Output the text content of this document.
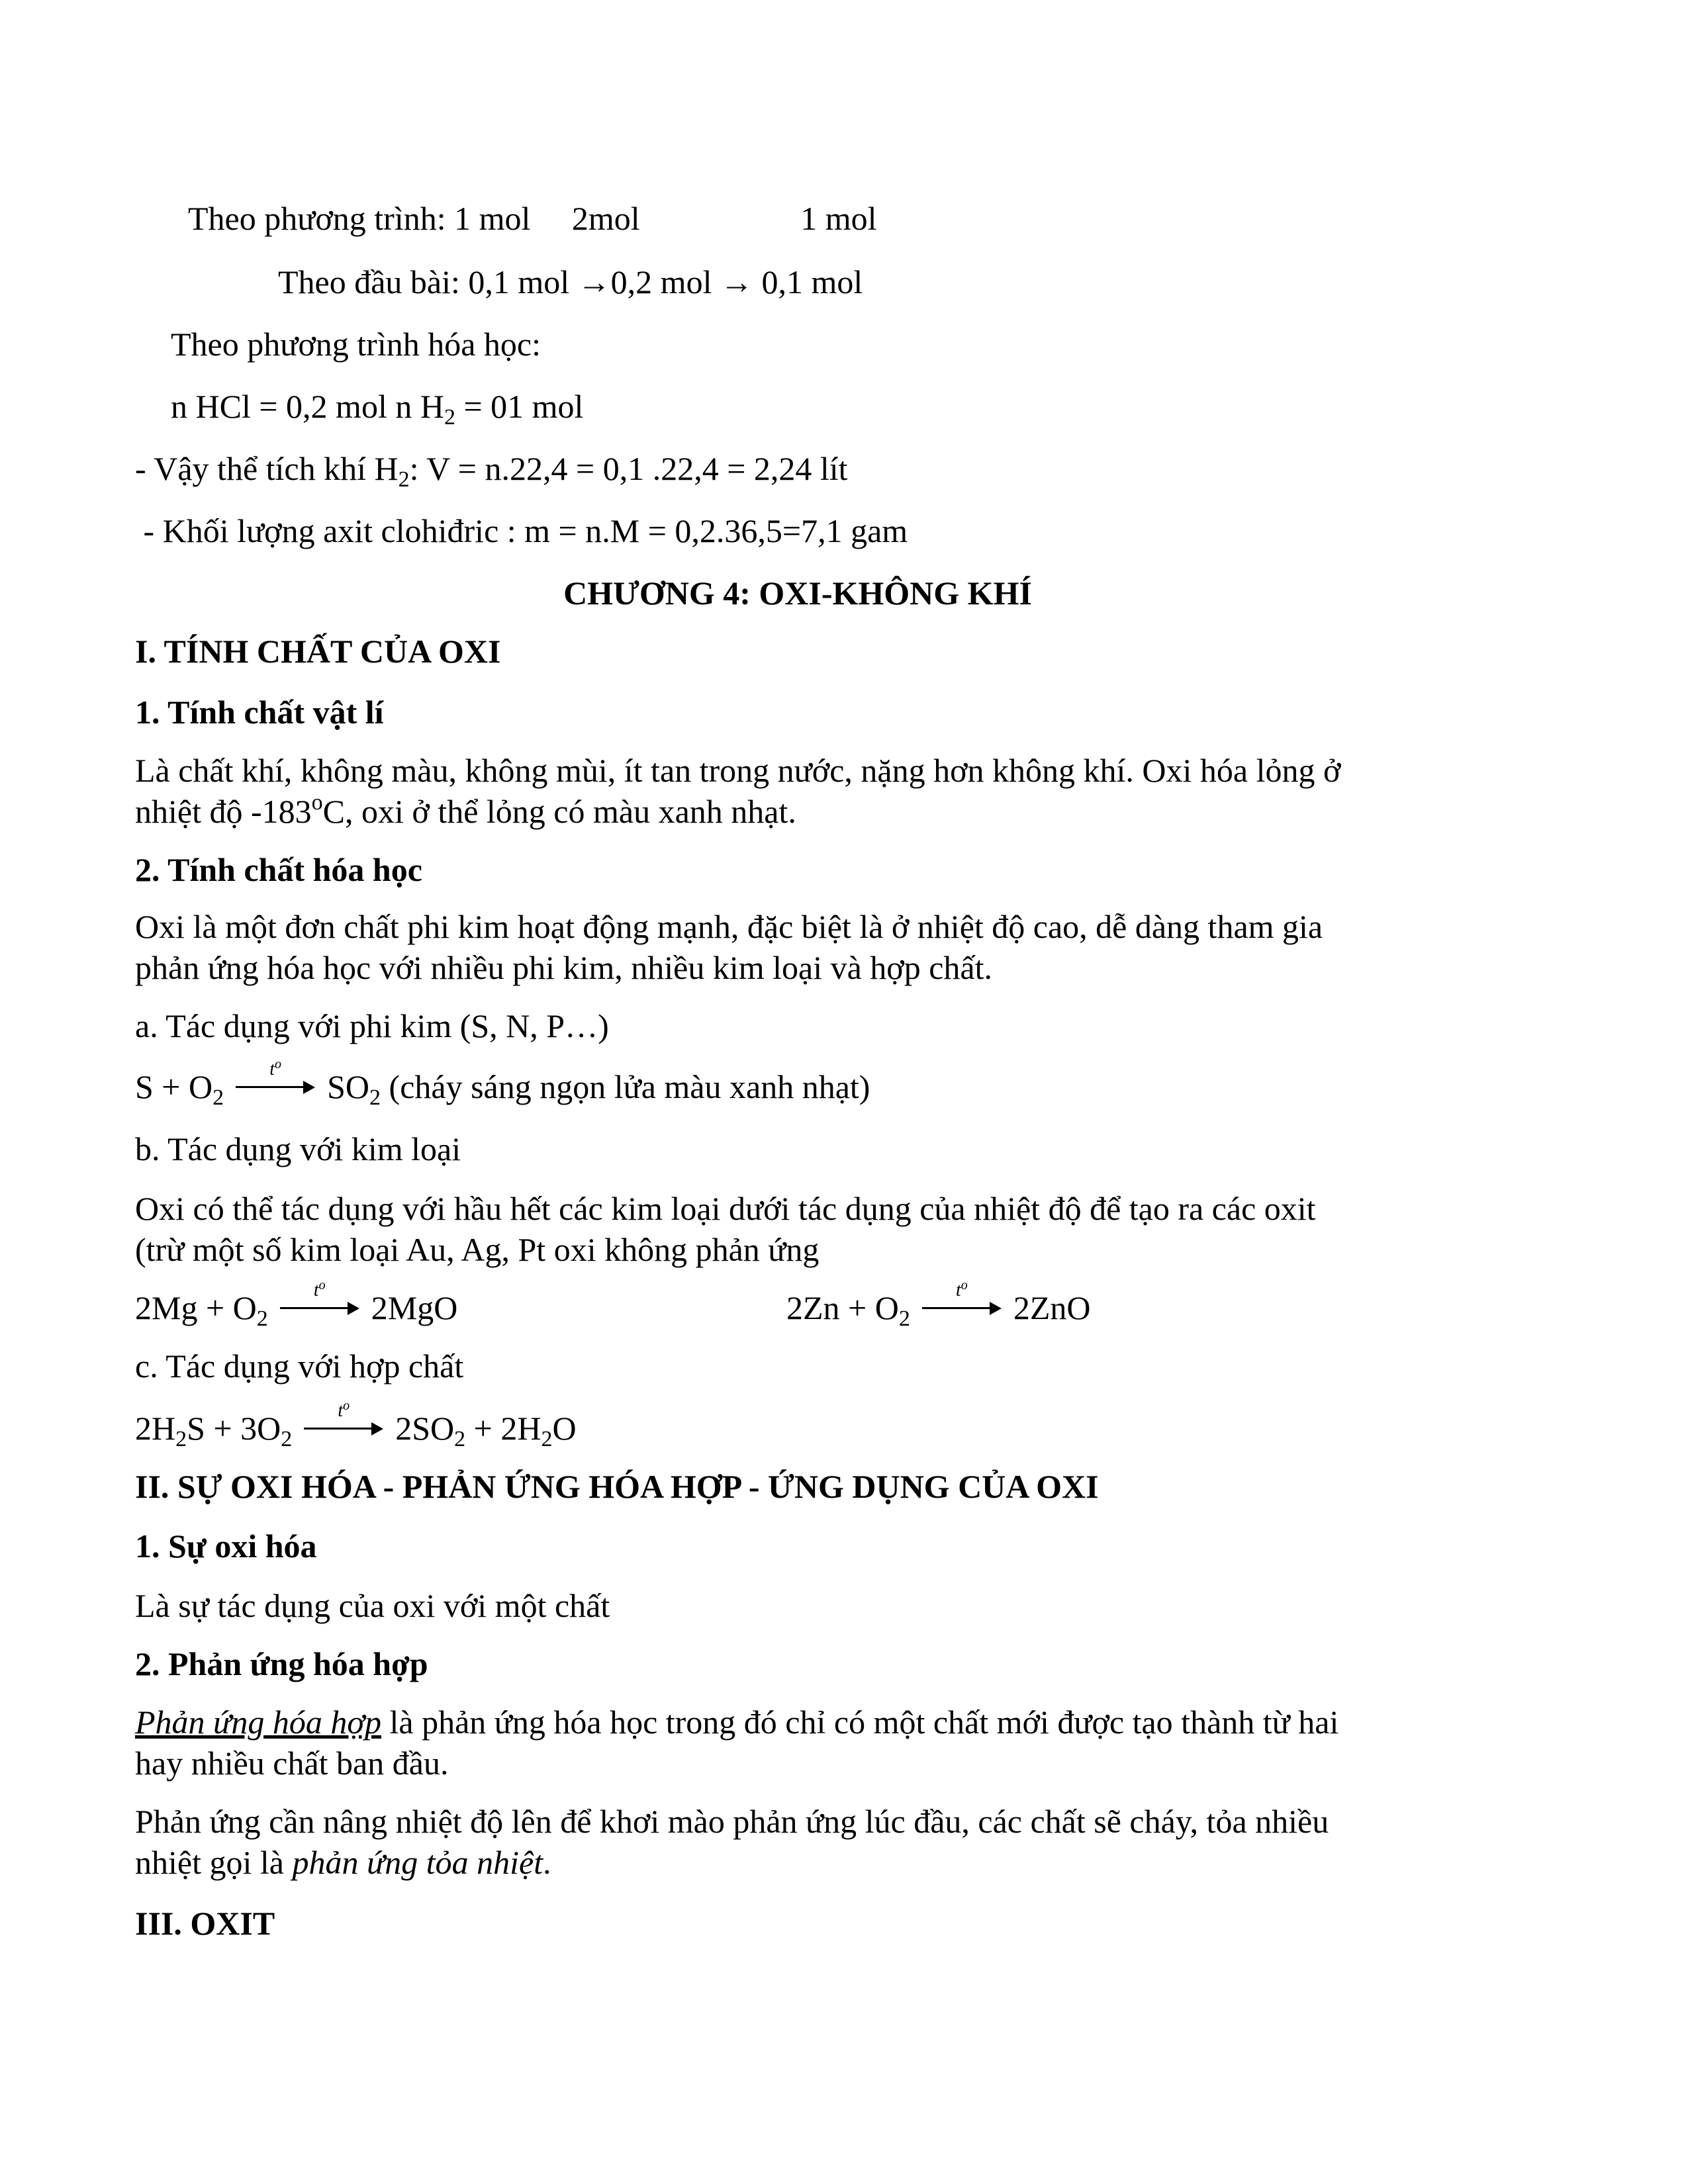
Theo phương trình: 1 mol 2mol	1 mol
Theo đầu bài: 0,1 mol →0,2 mol → 0,1 mol
Theo phương trình hóa học:
n HCl = 0,2 mol n $H_2 = 01$ mol
- Vậy thể tích khí $H_2$: V = n.22,4 = 0,1 .22,4 = 2,24 lít
- Khối lượng axit clohiđric : m = n.M = 0,2.36,5=7,1 gam
CHƯƠNG 4: OXI-KHÔNG KHÍ
I. TÍNH CHẤT CỦA OXI
1. Tính chất vật lí
Là chất khí, không màu, không mùi, ít tan trong nước, nặng hơn không khí. Oxi hóa lỏng ở
nhiệt độ -183$^o$C, oxi ở thể lỏng có màu xanh nhạt.
2. Tính chất hóa học
Oxi là một đơn chất phi kim hoạt động mạnh, đặc biệt là ở nhiệt độ cao, dễ dàng tham gia
phản ứng hóa học với nhiều phi kim, nhiều kim loại và hợp chất.
a. Tác dụng với phi kim (S, N, P…)
$S + O_2$
$t^o$
$SO_2$ (cháy sáng ngọn lửa màu xanh nhạt)
b. Tác dụng với kim loại
Oxi có thể tác dụng với hầu hết các kim loại dưới tác dụng của nhiệt độ để tạo ra các oxit
(trừ một số kim loại Au, Ag, Pt oxi không phản ứng
$2Mg + O_2$
$t^o$
2MgO	$2Zn + O_2$
$t^o$
2ZnO
c. Tác dụng với hợp chất
$2H_2S + 3O_2$
$t^o$
$2SO_2 + 2H_2O$
II. SỰ OXI HÓA - PHẢN ỨNG HÓA HỢP - ỨNG DỤNG CỦA OXI
1. Sự oxi hóa
Là sự tác dụng của oxi với một chất
2. Phản ứng hóa hợp
Phản ứng hóa hợp là phản ứng hóa học trong đó chỉ có một chất mới được tạo thành từ hai
hay nhiều chất ban đầu.
Phản ứng cần nâng nhiệt độ lên để khơi mào phản ứng lúc đầu, các chất sẽ cháy, tỏa nhiều
nhiệt gọi là phản ứng tỏa nhiệt.
III. OXIT
